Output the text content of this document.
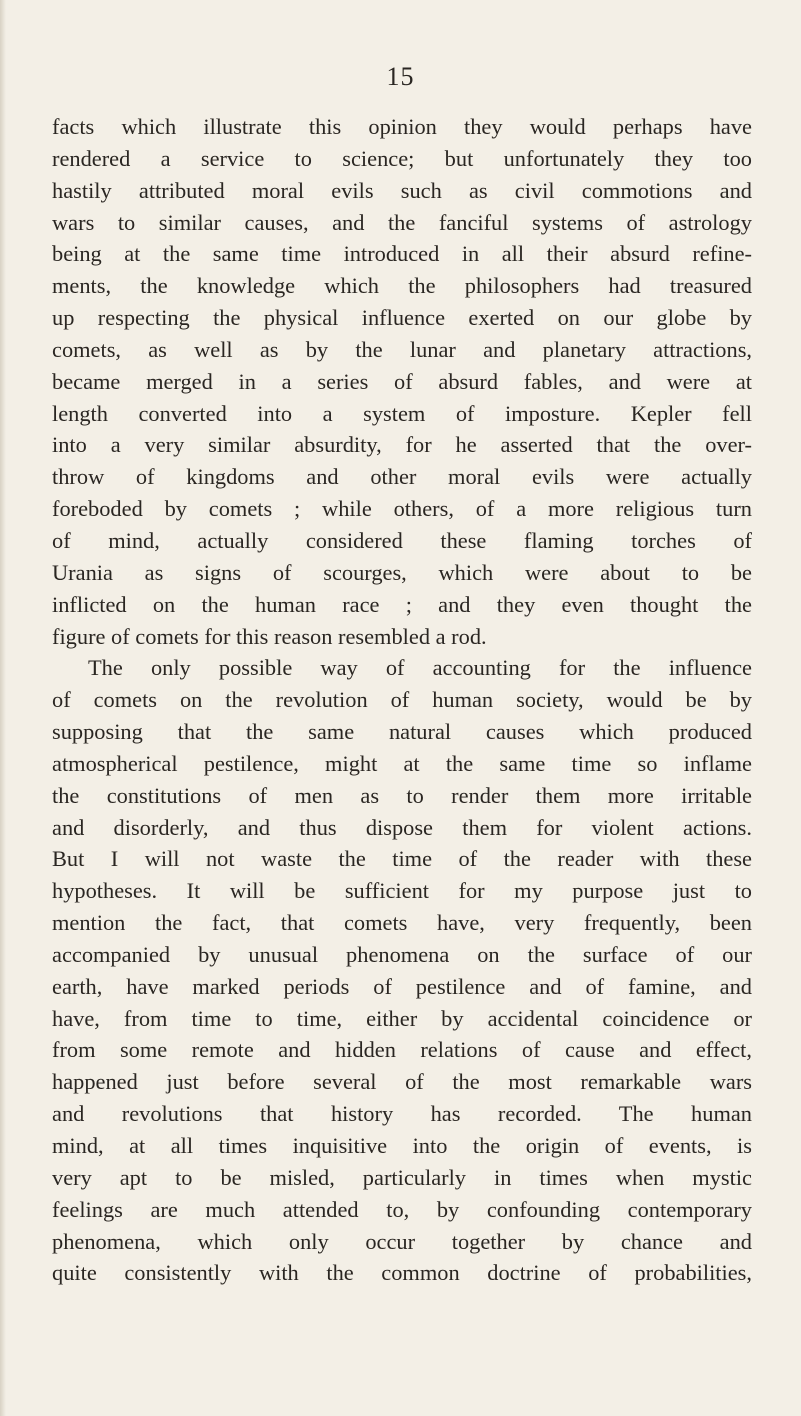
15
facts which illustrate this opinion they would perhaps have
rendered a service to science; but unfortunately they too
hastily attributed moral evils such as civil commotions and
wars to similar causes, and the fanciful systems of astrology
being at the same time introduced in all their absurd refine-
ments, the knowledge which the philosophers had treasured
up respecting the physical influence exerted on our globe by
comets, as well as by the lunar and planetary attractions,
became merged in a series of absurd fables, and were at
length converted into a system of imposture. Kepler fell
into a very similar absurdity, for he asserted that the over-
throw of kingdoms and other moral evils were actually
foreboded by comets ; while others, of a more religious turn
of mind, actually considered these flaming torches of
Urania as signs of scourges, which were about to be
inflicted on the human race ; and they even thought the
figure of comets for this reason resembled a rod.
The only possible way of accounting for the influence
of comets on the revolution of human society, would be by
supposing that the same natural causes which produced
atmospherical pestilence, might at the same time so inflame
the constitutions of men as to render them more irritable
and disorderly, and thus dispose them for violent actions.
But I will not waste the time of the reader with these
hypotheses. It will be sufficient for my purpose just to
mention the fact, that comets have, very frequently, been
accompanied by unusual phenomena on the surface of our
earth, have marked periods of pestilence and of famine, and
have, from time to time, either by accidental coincidence or
from some remote and hidden relations of cause and effect,
happened just before several of the most remarkable wars
and revolutions that history has recorded. The human
mind, at all times inquisitive into the origin of events, is
very apt to be misled, particularly in times when mystic
feelings are much attended to, by confounding contemporary
phenomena, which only occur together by chance and
quite consistently with the common doctrine of probabilities,
